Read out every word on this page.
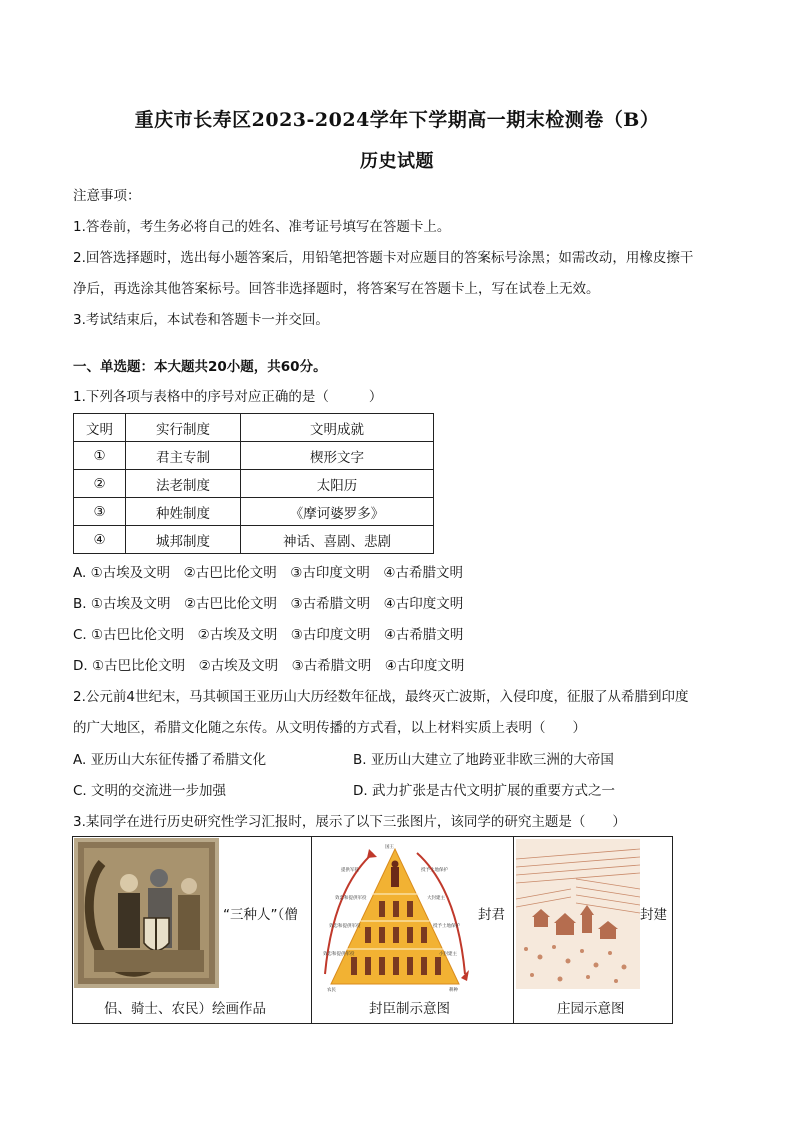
重庆市长寿区2023-2024学年下学期高一期末检测卷（B）
历史试题
注意事项：
1.答卷前，考生务必将自己的姓名、准考证号填写在答题卡上。
2.回答选择题时，选出每小题答案后，用铅笔把答题卡对应题目的答案标号涂黑；如需改动，用橡皮擦干
净后，再选涂其他答案标号。回答非选择题时，将答案写在答题卡上，写在试卷上无效。
3.考试结束后，本试卷和答题卡一并交回。
一、单选题：本大题共20小题，共60分。
1.下列各项与表格中的序号对应正确的是（	）
文明	实行制度	文明成就
①	君主专制	楔形文字
②	法老制度	太阳历
③	种姓制度	《摩诃婆罗多》
④	城邦制度	神话、喜剧、悲剧
A. ①古埃及文明　②古巴比伦文明　③古印度文明　④古希腊文明
B. ①古埃及文明　②古巴比伦文明　③古希腊文明　④古印度文明
C. ①古巴比伦文明　②古埃及文明　③古印度文明　④古希腊文明
D. ①古巴比伦文明　②古埃及文明　③古希腊文明　④古印度文明
2.公元前4世纪末，马其顿国王亚历山大历经数年征战，最终灭亡波斯，入侵印度，征服了从希腊到印度
的广大地区，希腊文化随之东传。从文明传播的方式看，以上材料实质上表明（　　）
A. 亚历山大东征传播了希腊文化	B. 亚历山大建立了地跨亚非欧三洲的大帝国
C. 文明的交流进一步加强	D. 武力扩张是古代文明扩展的重要方式之一
3.某同学在进行历史研究性学习汇报时，展示了以下三张图片，该同学的研究主题是（　　）
“三种人”（僧
侣、骑士、农民）绘画作品
国王
提供军役
效忠和提供军役
效忠和提供军役
效忠和提供军役
授予土地保护
大封建主
授予土地保护
小封建主
农民	耕种
封君
封臣制示意图
封建
庄园示意图
